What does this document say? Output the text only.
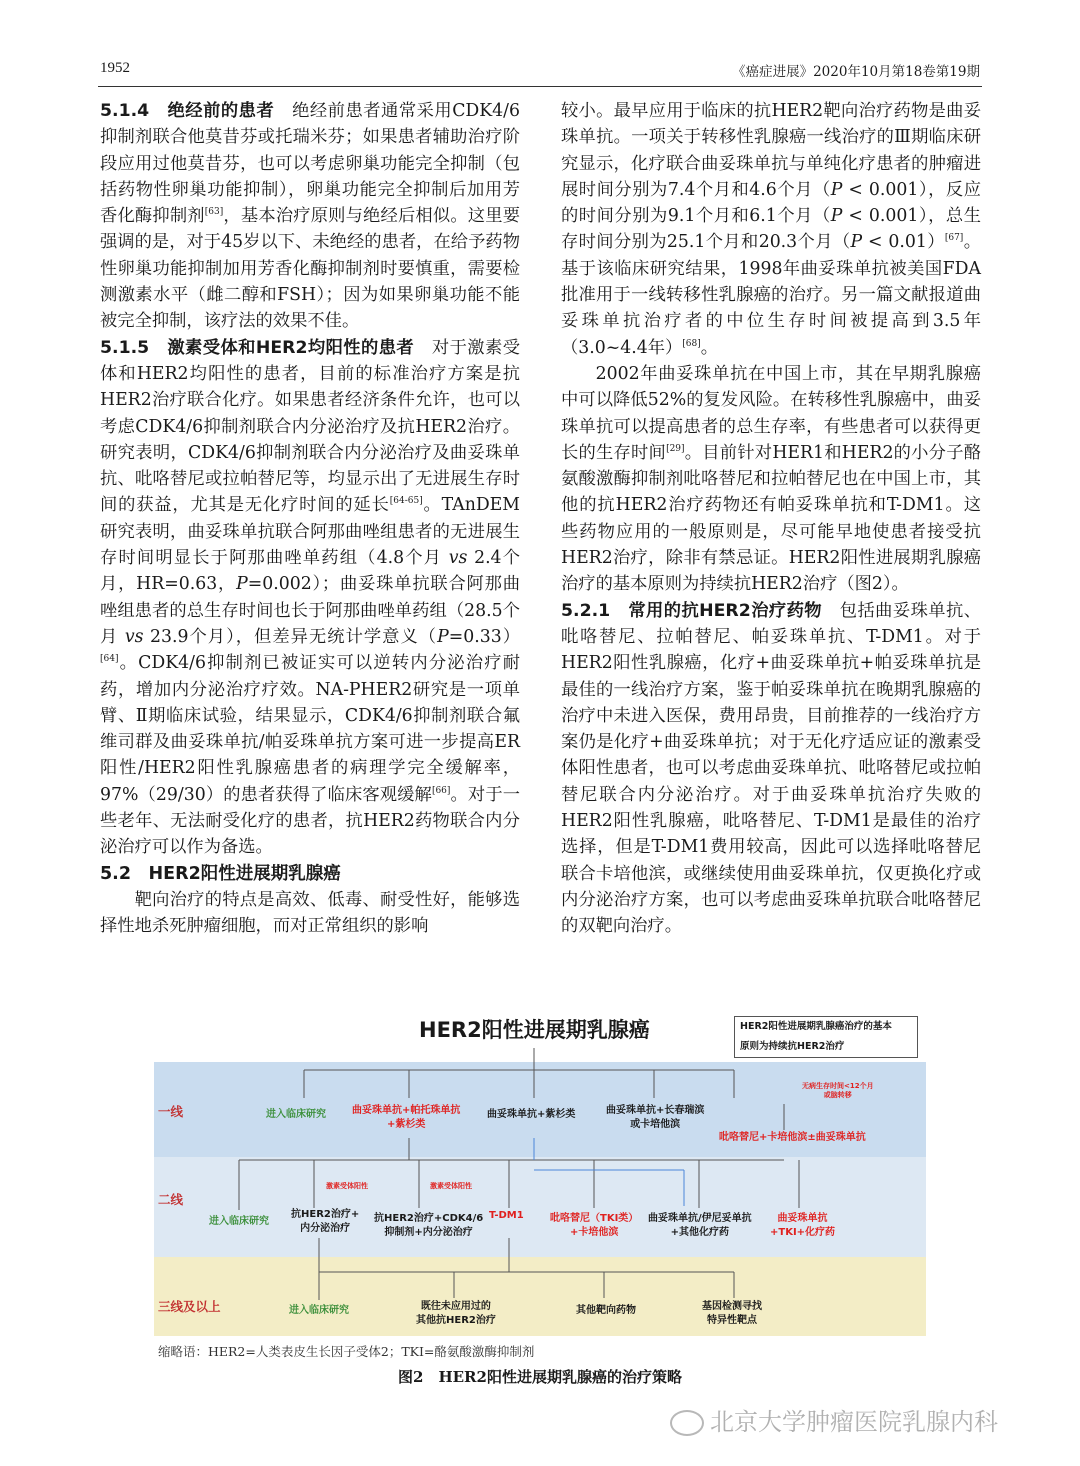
1952	《癌症进展》2020年10月第18卷第19期

5.1.4　绝经前的患者　 绝经前患者通常采用CDK4/6抑制剂联合他莫昔芬或托瑞米芬；如果患者辅助治疗阶段应用过他莫昔芬，也可以考虑卵巢功能完全抑制（包括药物性卵巢功能抑制），卵巢功能完全抑制后加用芳香化酶抑制剂[63]，基本治疗原则与绝经后相似。这里要强调的是，对于45岁以下、未绝经的患者，在给予药物性卵巢功能抑制加用芳香化酶抑制剂时要慎重，需要检测激素水平（雌二醇和FSH）；因为如果卵巢功能不能被完全抑制，该疗法的效果不佳。

5.1.5　激素受体和HER2均阳性的患者　 对于激素受体和HER2均阳性的患者，目前的标准治疗方案是抗HER2治疗联合化疗。如果患者经济条件允许，也可以考虑CDK4/6抑制剂联合内分泌治疗及抗HER2治疗。研究表明，CDK4/6抑制剂联合内分泌治疗及曲妥珠单抗、吡咯替尼或拉帕替尼等，均显示出了无进展生存时间的获益，尤其是无化疗时间的延长[64-65]。TAnDEM研究表明，曲妥珠单抗联合阿那曲唑组患者的无进展生存时间明显长于阿那曲唑单药组（4.8个月 vs 2.4个月，HR=0.63，P=0.002）；曲妥珠单抗联合阿那曲唑组患者的总生存时间也长于阿那曲唑单药组（28.5个月 vs 23.9个月），但差异无统计学意义（P=0.33）[64]。CDK4/6抑制剂已被证实可以逆转内分泌治疗耐药，增加内分泌治疗疗效。NA-PHER2研究是一项单臂、Ⅱ期临床试验，结果显示，CDK4/6抑制剂联合氟维司群及曲妥珠单抗/帕妥珠单抗方案可进一步提高ER阳性/HER2阳性乳腺癌患者的病理学完全缓解率，97%（29/30）的患者获得了临床客观缓解[66]。对于一些老年、无法耐受化疗的患者，抗HER2药物联合内分泌治疗可以作为备选。

5.2　HER2阳性进展期乳腺癌

靶向治疗的特点是高效、低毒、耐受性好，能够选择性地杀死肿瘤细胞，而对正常组织的影响

较小。最早应用于临床的抗HER2靶向治疗药物是曲妥珠单抗。一项关于转移性乳腺癌一线治疗的Ⅲ期临床研究显示，化疗联合曲妥珠单抗与单纯化疗患者的肿瘤进展时间分别为7.4个月和4.6个月（P < 0.001），反应的时间分别为9.1个月和6.1个月（P < 0.001），总生存时间分别为25.1个月和20.3个月（P < 0.01）[67]。基于该临床研究结果，1998年曲妥珠单抗被美国FDA批准用于一线转移性乳腺癌的治疗。另一篇文献报道曲妥珠单抗治疗者的中位生存时间被提高到3.5年（3.0~4.4年）[68]。

2002年曲妥珠单抗在中国上市，其在早期乳腺癌中可以降低52%的复发风险。在转移性乳腺癌中，曲妥珠单抗可以提高患者的总生存率，有些患者可以获得更长的生存时间[29]。目前针对HER1和HER2的小分子酪氨酸激酶抑制剂吡咯替尼和拉帕替尼也在中国上市，其他的抗HER2治疗药物还有帕妥珠单抗和T-DM1。这些药物应用的一般原则是，尽可能早地使患者接受抗HER2治疗，除非有禁忌证。HER2阳性进展期乳腺癌治疗的基本原则为持续抗HER2治疗（图2）。

5.2.1　常用的抗HER2治疗药物　 包括曲妥珠单抗、吡咯替尼、拉帕替尼、帕妥珠单抗、T-DM1。对于HER2阳性乳腺癌，化疗+曲妥珠单抗+帕妥珠单抗是最佳的一线治疗方案，鉴于帕妥珠单抗在晚期乳腺癌的治疗中未进入医保，费用昂贵，目前推荐的一线治疗方案仍是化疗+曲妥珠单抗；对于无化疗适应证的激素受体阳性患者，也可以考虑曲妥珠单抗、吡咯替尼或拉帕替尼联合内分泌治疗。对于曲妥珠单抗治疗失败的HER2阳性乳腺癌，吡咯替尼、T-DM1是最佳的治疗选择，但是T-DM1费用较高，因此可以选择吡咯替尼联合卡培他滨，或继续使用曲妥珠单抗，仅更换化疗或内分泌治疗方案，也可以考虑曲妥珠单抗联合吡咯替尼的双靶向治疗。

HER2阳性进展期乳腺癌	HER2阳性进展期乳腺癌治疗的基本
原则为持续抗HER2治疗
一线
二线
三线及以上
进入临床研究	曲妥珠单抗+帕托珠单抗
+紫杉类
曲妥珠单抗+紫杉类	曲妥珠单抗+长春瑞滨
或卡培他滨
无病生存时间<12个月
或脑转移
吡咯替尼+卡培他滨±曲妥珠单抗
激素受体阳性	激素受体阳性
进入临床研究
抗HER2治疗+
内分泌治疗
抗HER2治疗+CDK4/6
抑制剂+内分泌治疗
T-DM1	吡咯替尼（TKI类）
+卡培他滨
曲妥珠单抗/伊尼妥单抗
+其他化疗药
曲妥珠单抗
+TKI+化疗药
进入临床研究	既往未应用过的
其他抗HER2治疗
其他靶向药物	基因检测寻找
特异性靶点
缩略语：HER2=人类表皮生长因子受体2；TKI=酪氨酸激酶抑制剂
图2　HER2阳性进展期乳腺癌的治疗策略
北京大学肿瘤医院乳腺内科
